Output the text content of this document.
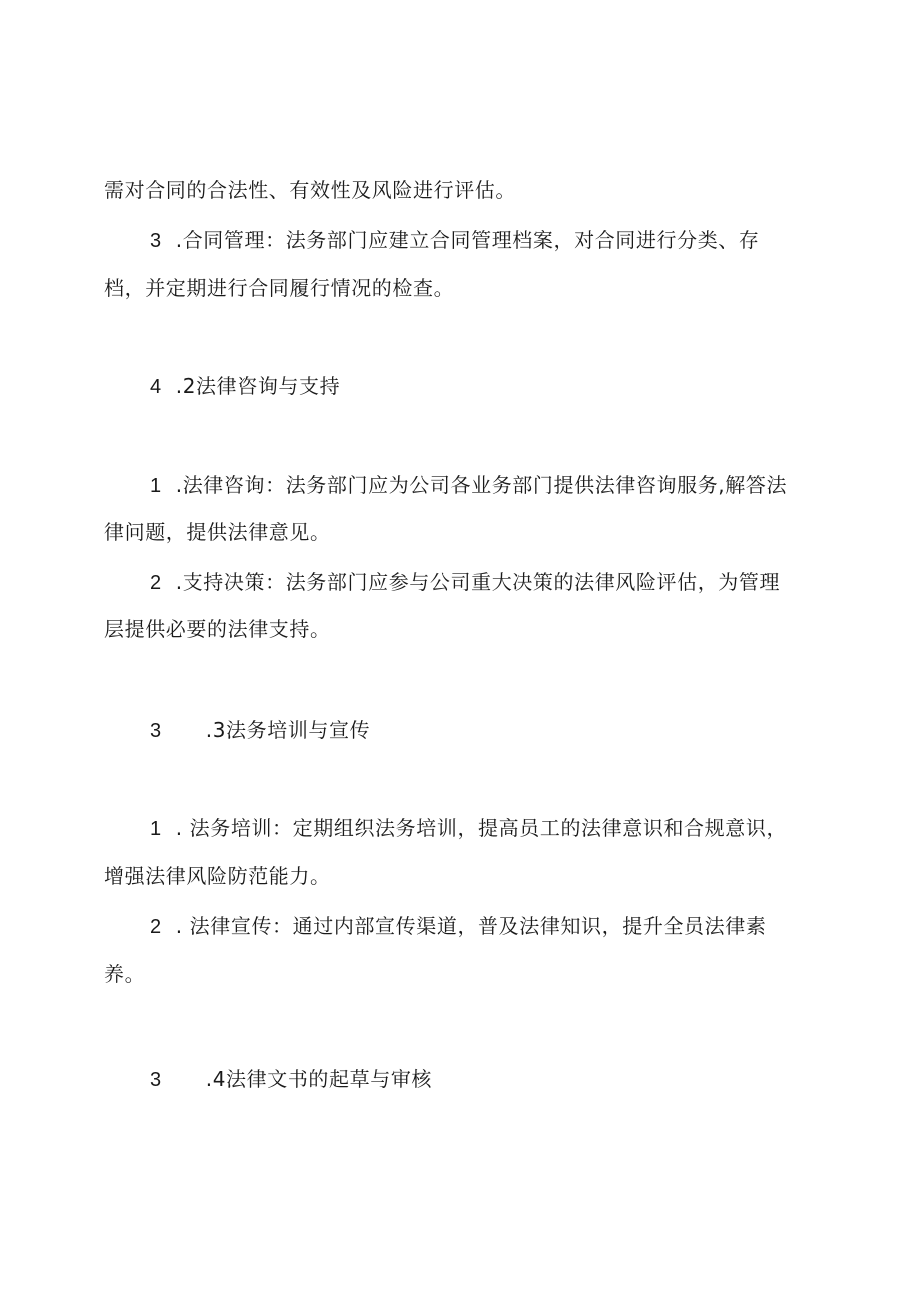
需对合同的合法性、有效性及风险进行评估。
3 .合同管理：法务部门应建立合同管理档案，对合同进行分类、存
档，并定期进行合同履行情况的检查。
4 .2法律咨询与支持
1 .法律咨询：法务部门应为公司各业务部门提供法律咨询服务,解答法
律问题，提供法律意见。
2 .支持决策：法务部门应参与公司重大决策的法律风险评估，为管理
层提供必要的法律支持。
3 .3法务培训与宣传
1 . 法务培训：定期组织法务培训，提高员工的法律意识和合规意识，
增强法律风险防范能力。
2 . 法律宣传：通过内部宣传渠道，普及法律知识，提升全员法律素
养。
3 .4法律文书的起草与审核
